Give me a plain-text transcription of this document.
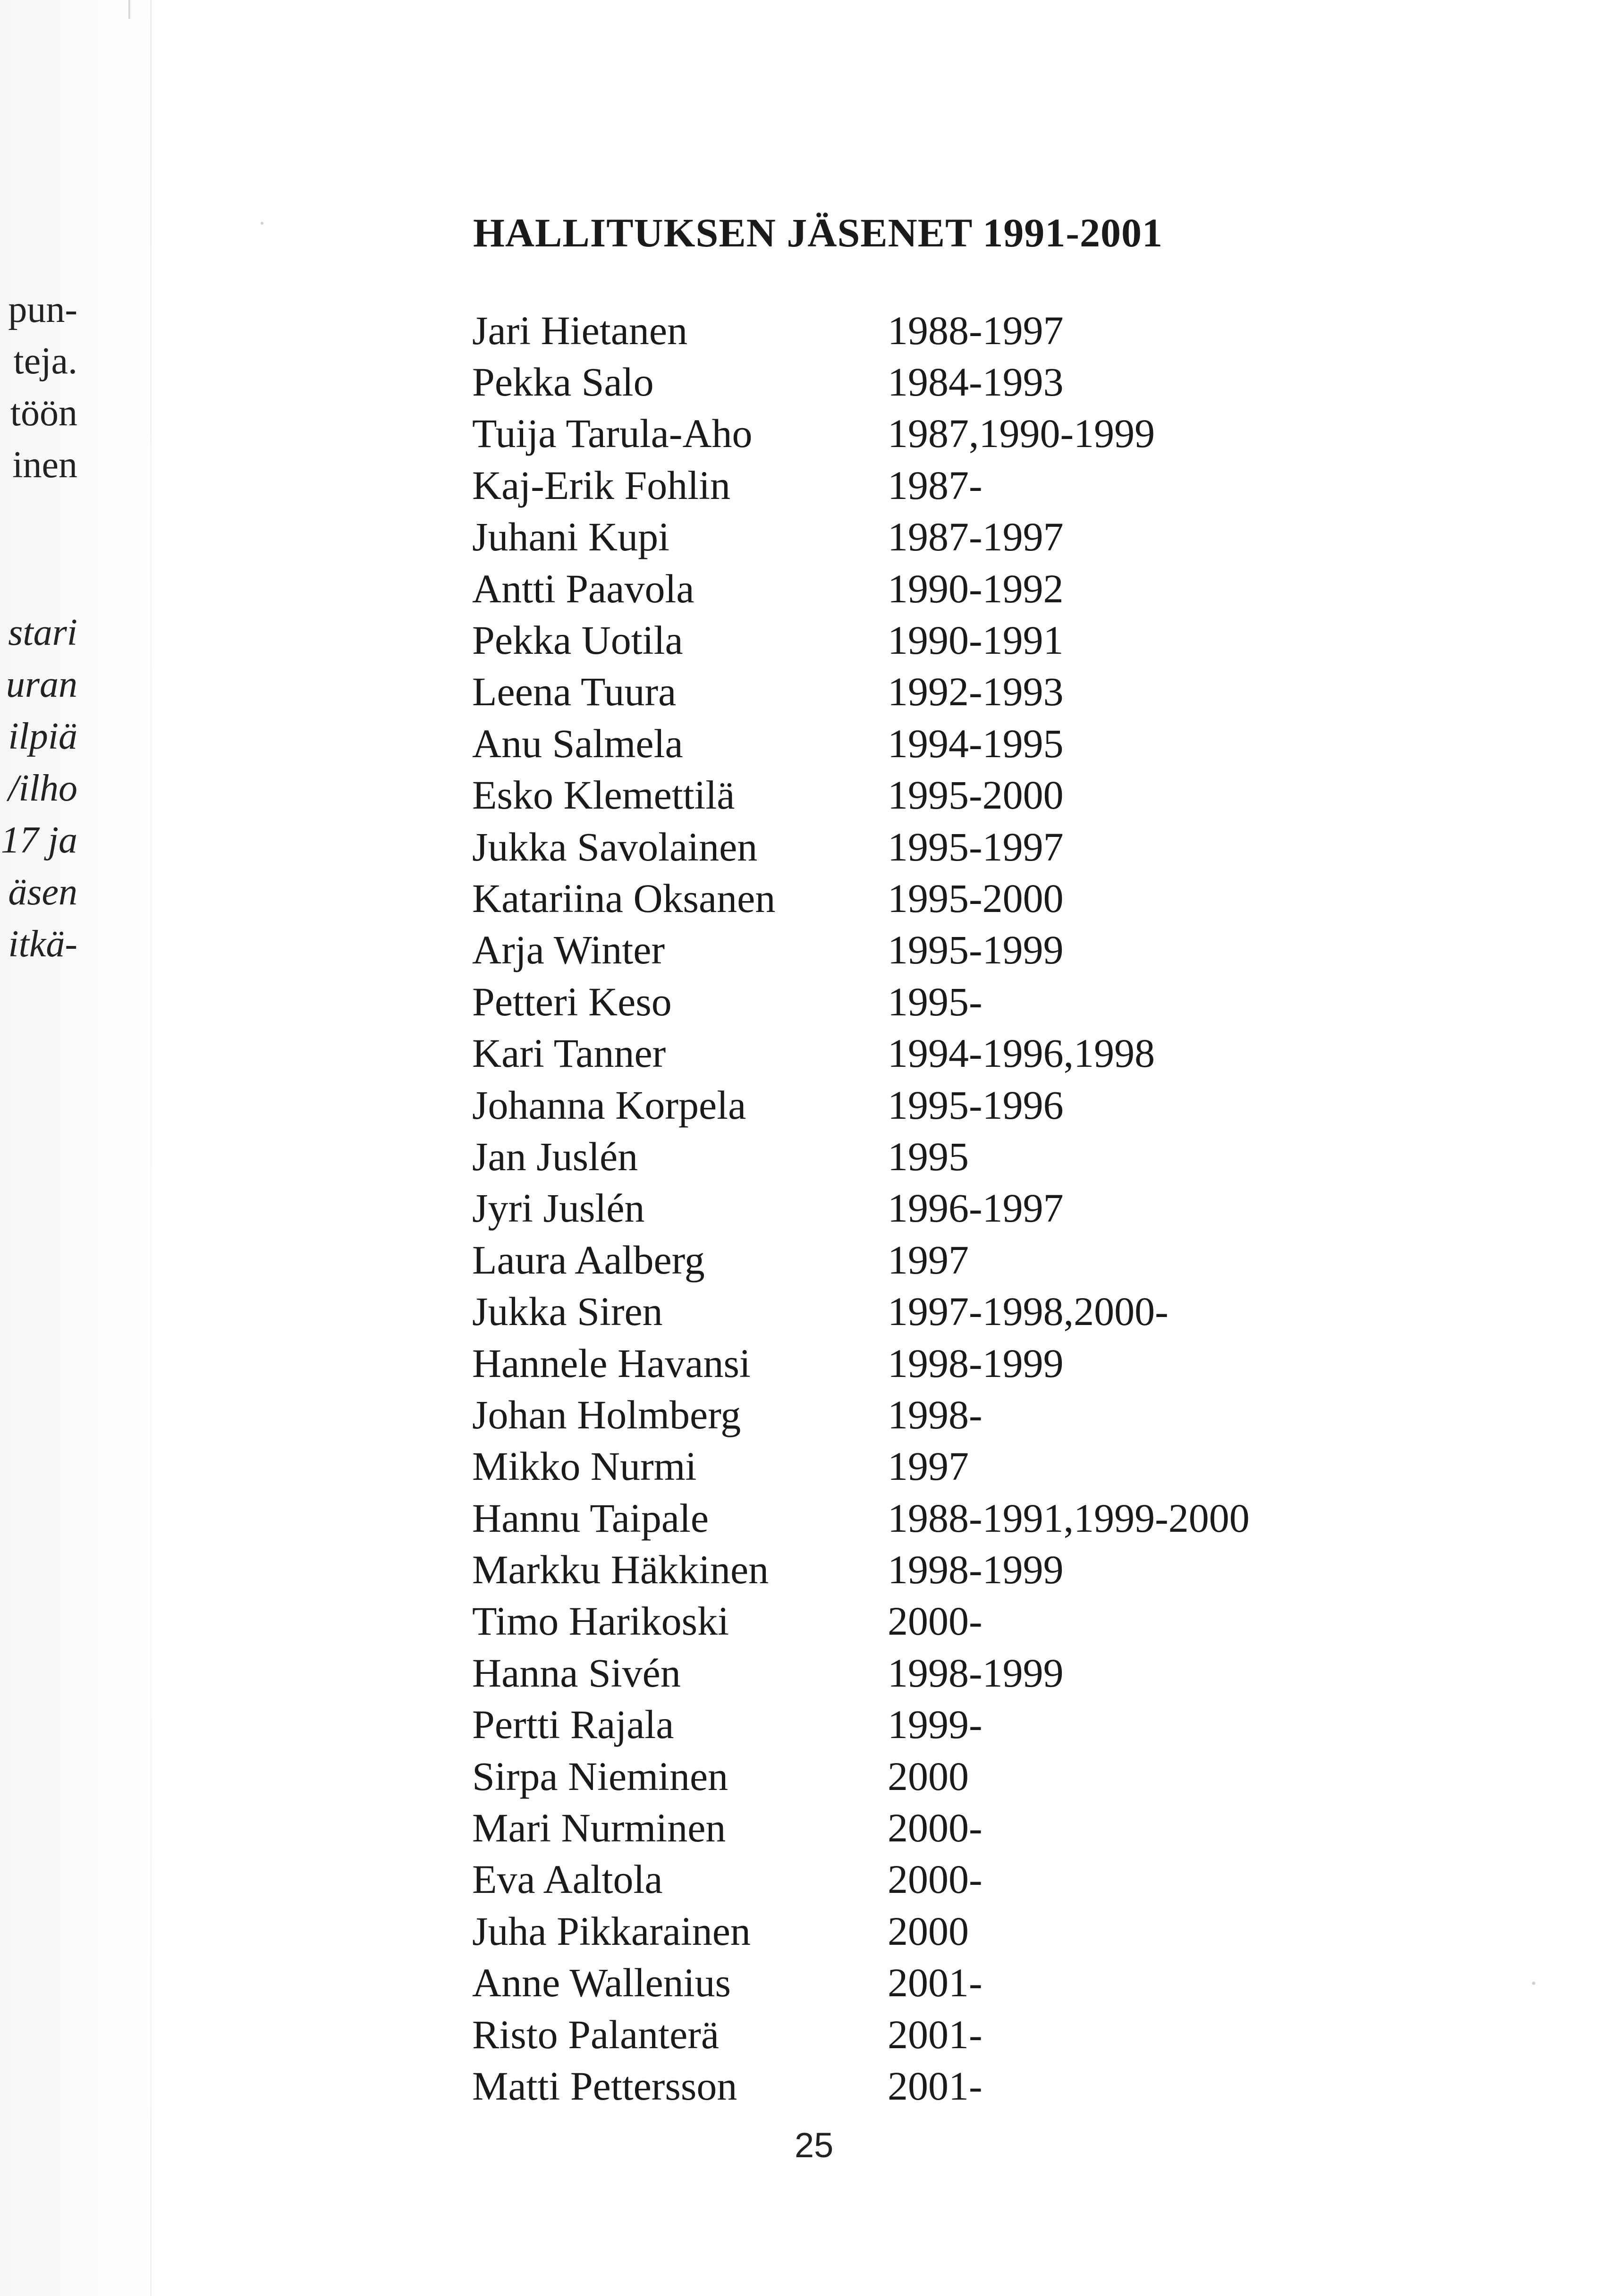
pun-
teja.
töön
inen
stari
uran
ilpiä
/ilho
17 ja
äsen
itkä-
HALLITUKSEN JÄSENET 1991-2001
Jari Hietanen	1988-1997
Pekka Salo	1984-1993
Tuija Tarula-Aho	1987,1990-1999
Kaj-Erik Fohlin	1987-
Juhani Kupi	1987-1997
Antti Paavola	1990-1992
Pekka Uotila	1990-1991
Leena Tuura	1992-1993
Anu Salmela	1994-1995
Esko Klemettilä	1995-2000
Jukka Savolainen	1995-1997
Katariina Oksanen	1995-2000
Arja Winter	1995-1999
Petteri Keso	1995-
Kari Tanner	1994-1996,1998
Johanna Korpela	1995-1996
Jan Juslén	1995
Jyri Juslén	1996-1997
Laura Aalberg	1997
Jukka Siren	1997-1998,2000-
Hannele Havansi	1998-1999
Johan Holmberg	1998-
Mikko Nurmi	1997
Hannu Taipale	1988-1991,1999-2000
Markku Häkkinen	1998-1999
Timo Harikoski	2000-
Hanna Sivén	1998-1999
Pertti Rajala	1999-
Sirpa Nieminen	2000
Mari Nurminen	2000-
Eva Aaltola	2000-
Juha Pikkarainen	2000
Anne Wallenius	2001-
Risto Palanterä	2001-
Matti Pettersson	2001-
25
